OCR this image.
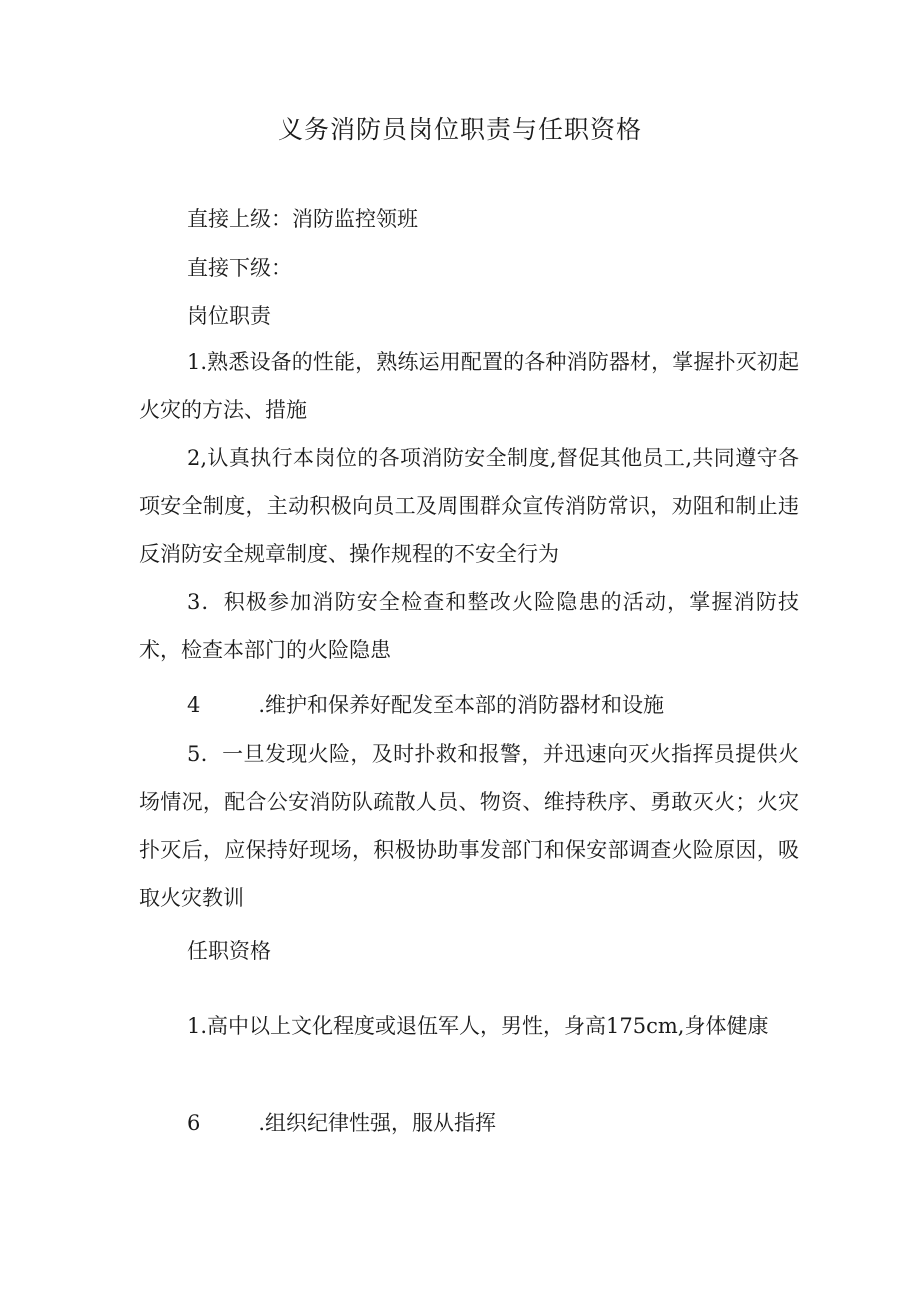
义务消防员岗位职责与任职资格
直接上级：消防监控领班
直接下级：
岗位职责

1.熟悉设备的性能，熟练运用配置的各种消防器材，掌握扑灭初起火灾的方法、措施

2,认真执行本岗位的各项消防安全制度,督促其他员工,共同遵守各项安全制度，主动积极向员工及周围群众宣传消防常识，劝阻和制止违反消防安全规章制度、操作规程的不安全行为

3．积极参加消防安全检查和整改火险隐患的活动，掌握消防技术，检查本部门的火险隐患

4	.维护和保养好配发至本部的消防器材和设施

5．一旦发现火险，及时扑救和报警，并迅速向灭火指挥员提供火场情况，配合公安消防队疏散人员、物资、维持秩序、勇敢灭火；火灾扑灭后，应保持好现场，积极协助事发部门和保安部调查火险原因，吸取火灾教训

任职资格

1.高中以上文化程度或退伍军人，男性，身高175cm,身体健康

6	.组织纪律性强，服从指挥
